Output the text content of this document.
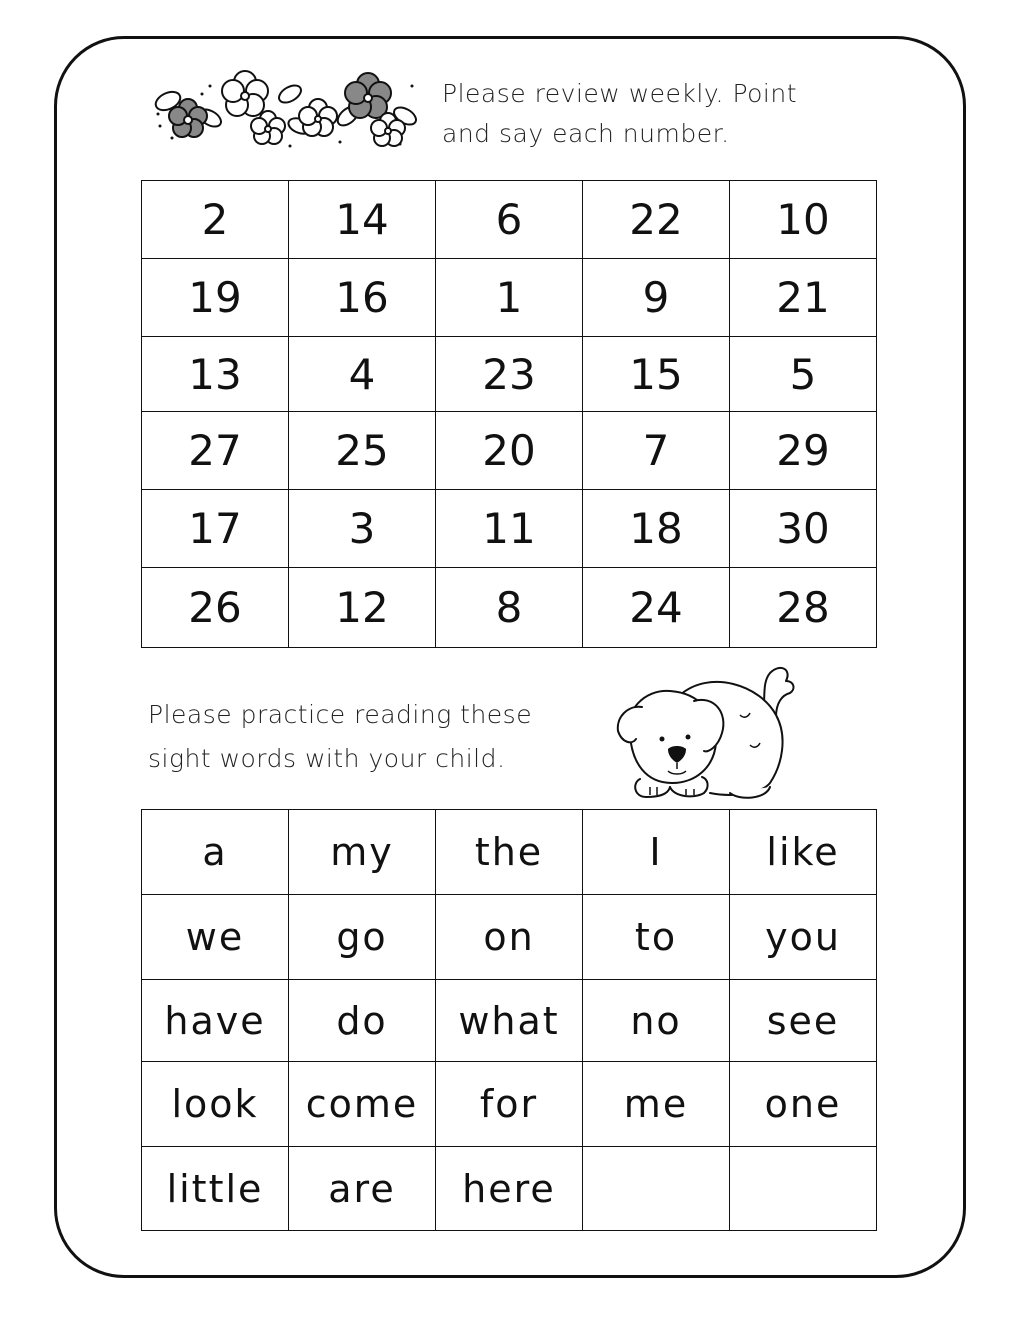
Please review weekly. Point and say each number.
2	14	6	22	10
19	16	1	9	21
13	4	23	15	5
27	25	20	7	29
17	3	11	18	30
26	12	8	24	28
Please practice reading these sight words with your child.
a	my	the	I	like
we	go	on	to	you
have	do	what	no	see
look	come	for	me	one
little	are	here		
